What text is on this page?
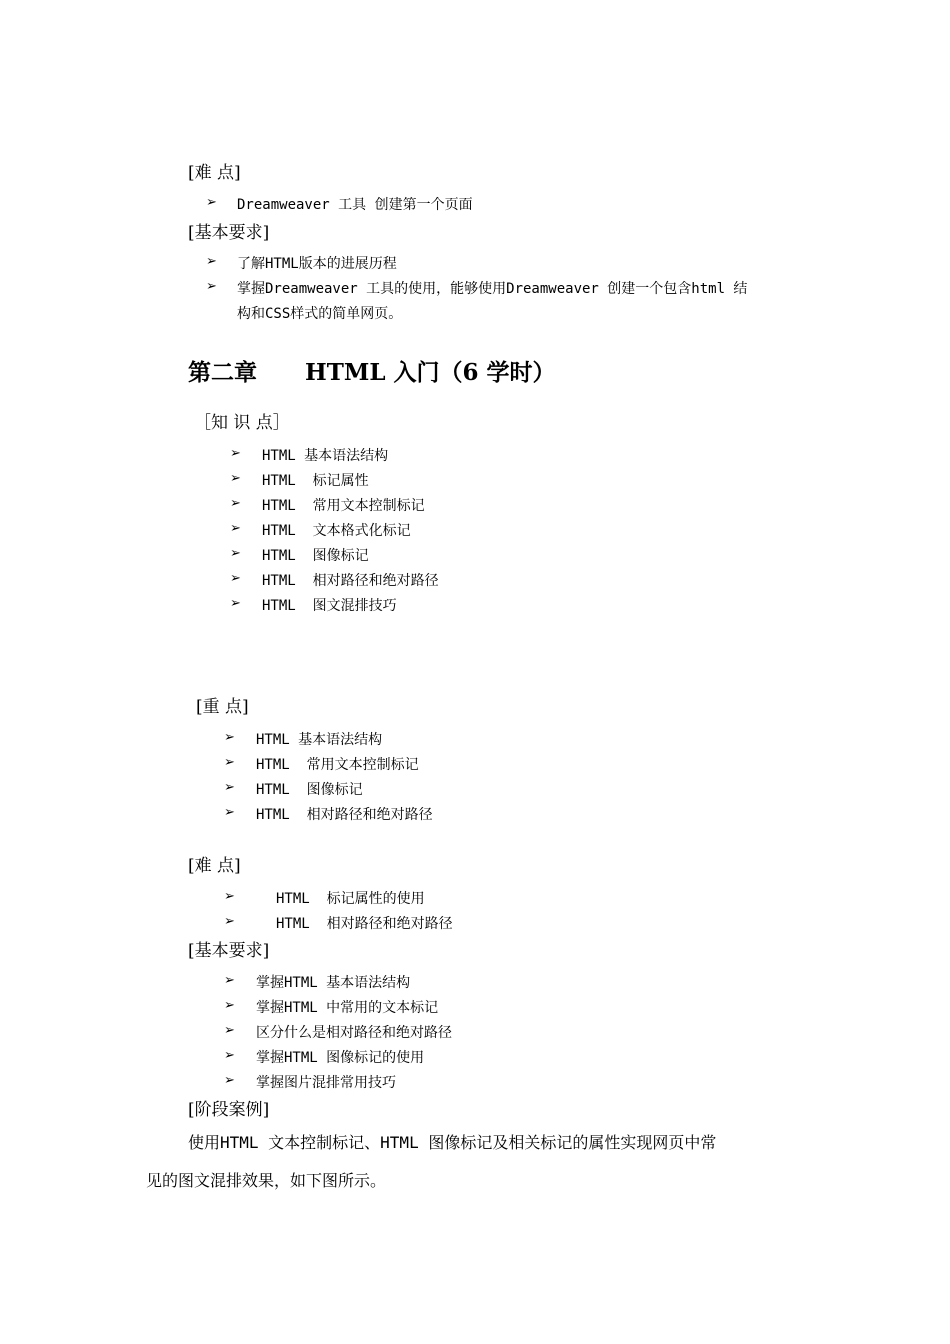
[难 点]
➢ Dreamweaver 工具 创建第一个页面
[基本要求]
➢ 了解HTML版本的进展历程
➢ 掌握Dreamweaver 工具的使用，能够使用Dreamweaver 创建一个包含html 结
构和CSS样式的简单网页。
第二章      HTML 入门（6 学时）
［知 识 点］
➢ HTML 基本语法结构
➢ HTML  标记属性
➢ HTML  常用文本控制标记
➢ HTML  文本格式化标记
➢ HTML  图像标记
➢ HTML  相对路径和绝对路径
➢ HTML  图文混排技巧
[重 点]
➢ HTML 基本语法结构
➢ HTML  常用文本控制标记
➢ HTML  图像标记
➢ HTML  相对路径和绝对路径
[难 点]
➢	HTML  标记属性的使用
➢	HTML  相对路径和绝对路径
[基本要求]
➢ 掌握HTML 基本语法结构
➢ 掌握HTML 中常用的文本标记
➢ 区分什么是相对路径和绝对路径
➢ 掌握HTML 图像标记的使用
➢ 掌握图片混排常用技巧
[阶段案例]
使用HTML 文本控制标记、HTML 图像标记及相关标记的属性实现网页中常
见的图文混排效果，如下图所示。
